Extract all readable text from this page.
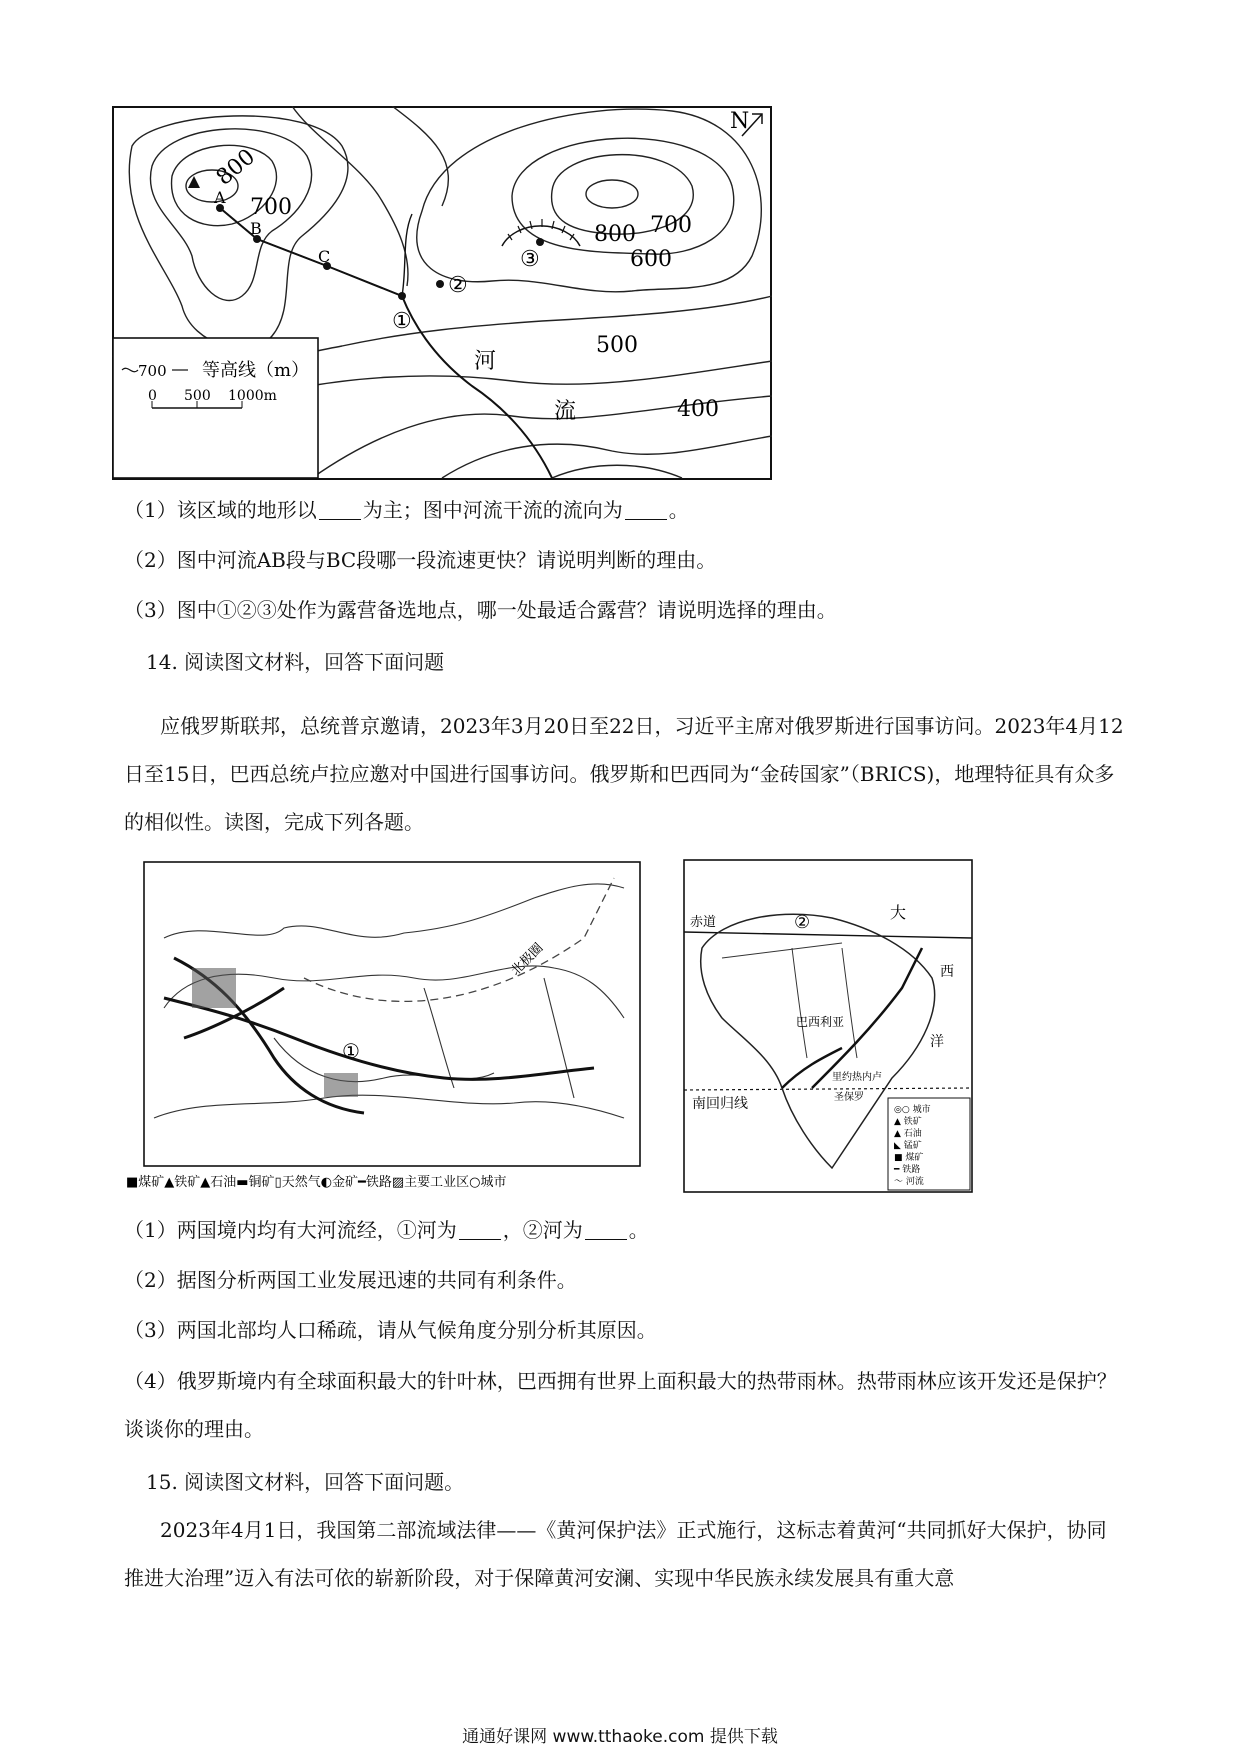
N
800
700
800 700
600
500
400
A
B
C
①
②
③
河
流
700 等高线（m）
0 500 1000m
（1）该区域的地形以 为主；图中河流干流的流向为 。
（2）图中河流AB段与BC段哪一段流速更快？请说明判断的理由。
（3）图中①②③处作为露营备选地点，哪一处最适合露营？请说明选择的理由。
14. 阅读图文材料，回答下面问题
应俄罗斯联邦，总统普京邀请，2023年3月20日至22日，习近平主席对俄罗斯进行国事访问。2023年4月12日至15日，巴西总统卢拉应邀对中国进行国事访问。俄罗斯和巴西同为“金砖国家”（BRICS)，地理特征具有众多的相似性。读图，完成下列各题。
北极圈
①
■煤矿▲铁矿▲石油▬铜矿▯天然气◐金矿━铁路▨主要工业区○城市
赤道
南回归线
大
西
洋
②
巴西利亚
里约热内卢
圣保罗
◎○ 城市
▲ 铁矿
▲ 石油
◣ 锰矿
■ 煤矿
━ 铁路
～ 河流
（1）两国境内均有大河流经，①河为 ，②河为 。
（2）据图分析两国工业发展迅速的共同有利条件。
（3）两国北部均人口稀疏，请从气候角度分别分析其原因。
（4）俄罗斯境内有全球面积最大的针叶林，巴西拥有世界上面积最大的热带雨林。热带雨林应该开发还是保护？谈谈你的理由。
15. 阅读图文材料，回答下面问题。
2023年4月1日，我国第二部流域法律——《黄河保护法》正式施行，这标志着黄河“共同抓好大保护，协同推进大治理”迈入有法可依的崭新阶段，对于保障黄河安澜、实现中华民族永续发展具有重大意
通通好课网 www.tthaoke.com 提供下载
